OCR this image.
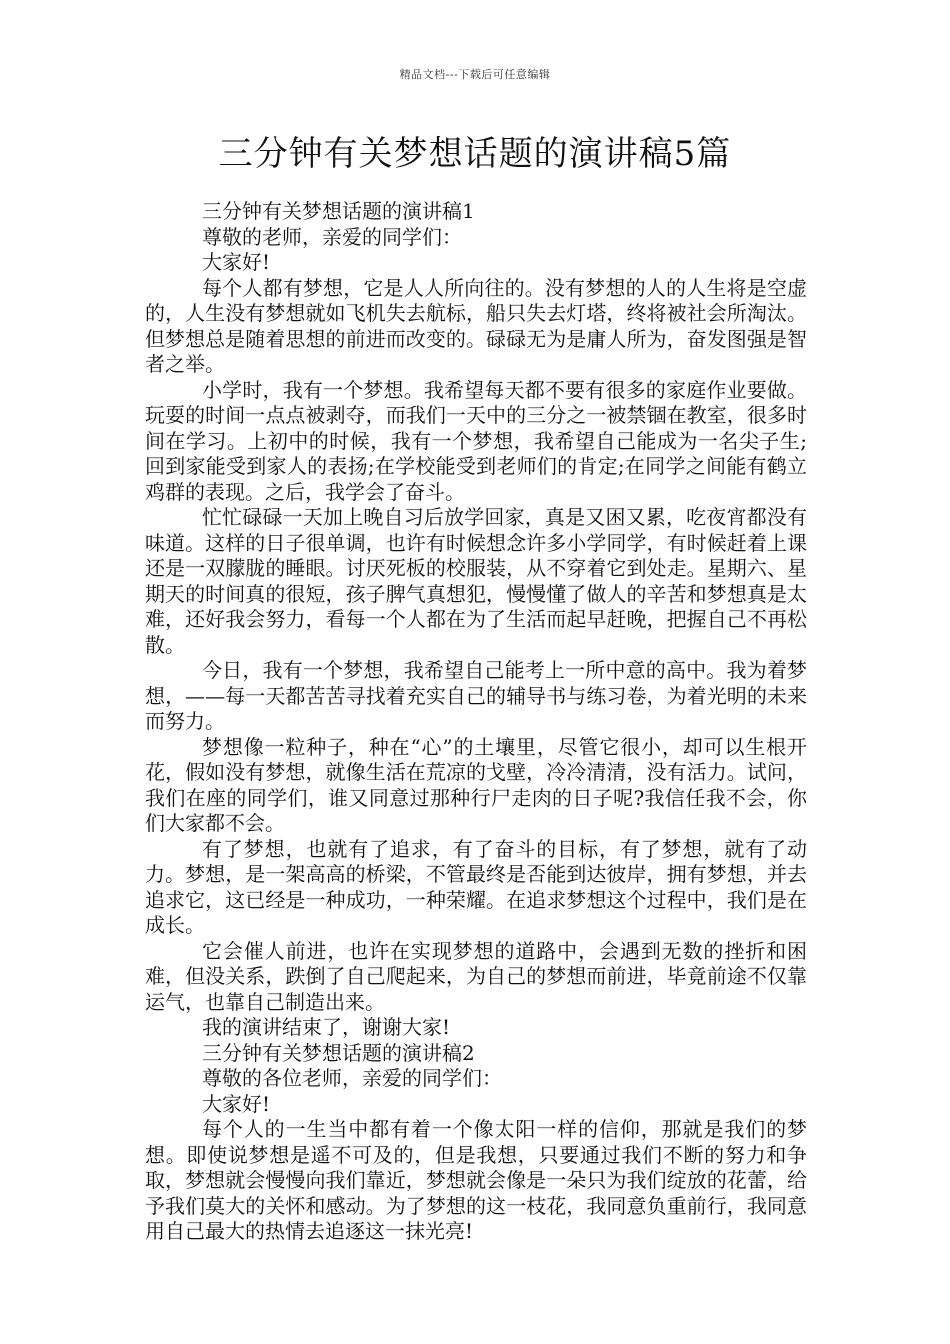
精品文档---下载后可任意编辑
三分钟有关梦想话题的演讲稿5篇

三分钟有关梦想话题的演讲稿1

尊敬的老师，亲爱的同学们：

大家好!

每个人都有梦想，它是人人所向往的。没有梦想的人的人生将是空虚的，人生没有梦想就如飞机失去航标，船只失去灯塔，终将被社会所淘汰。但梦想总是随着思想的前进而改变的。碌碌无为是庸人所为，奋发图强是智者之举。

小学时，我有一个梦想。我希望每天都不要有很多的家庭作业要做。玩耍的时间一点点被剥夺，而我们一天中的三分之一被禁锢在教室，很多时间在学习。上初中的时候，我有一个梦想，我希望自己能成为一名尖子生;回到家能受到家人的表扬;在学校能受到老师们的肯定;在同学之间能有鹤立鸡群的表现。之后，我学会了奋斗。

忙忙碌碌一天加上晚自习后放学回家，真是又困又累，吃夜宵都没有味道。这样的日子很单调，也许有时候想念许多小学同学，有时候赶着上课还是一双朦胧的睡眼。讨厌死板的校服装，从不穿着它到处走。星期六、星期天的时间真的很短，孩子脾气真想犯，慢慢懂了做人的辛苦和梦想真是太难，还好我会努力，看每一个人都在为了生活而起早赶晚，把握自己不再松散。

今日，我有一个梦想，我希望自己能考上一所中意的高中。我为着梦想，——每一天都苦苦寻找着充实自己的辅导书与练习卷，为着光明的未来而努力。

梦想像一粒种子，种在“心”的土壤里，尽管它很小，却可以生根开花，假如没有梦想，就像生活在荒凉的戈壁，冷冷清清，没有活力。试问，我们在座的同学们，谁又同意过那种行尸走肉的日子呢?我信任我不会，你们大家都不会。

有了梦想，也就有了追求，有了奋斗的目标，有了梦想，就有了动力。梦想，是一架高高的桥梁，不管最终是否能到达彼岸，拥有梦想，并去追求它，这已经是一种成功，一种荣耀。在追求梦想这个过程中，我们是在成长。

它会催人前进，也许在实现梦想的道路中，会遇到无数的挫折和困难，但没关系，跌倒了自己爬起来，为自己的梦想而前进，毕竟前途不仅靠运气，也靠自己制造出来。

我的演讲结束了，谢谢大家!

三分钟有关梦想话题的演讲稿2

尊敬的各位老师，亲爱的同学们：

大家好!

每个人的一生当中都有着一个像太阳一样的信仰，那就是我们的梦想。即使说梦想是遥不可及的，但是我想，只要通过我们不断的努力和争取，梦想就会慢慢向我们靠近，梦想就会像是一朵只为我们绽放的花蕾，给予我们莫大的关怀和感动。为了梦想的这一枝花，我同意负重前行，我同意用自己最大的热情去追逐这一抹光亮!
